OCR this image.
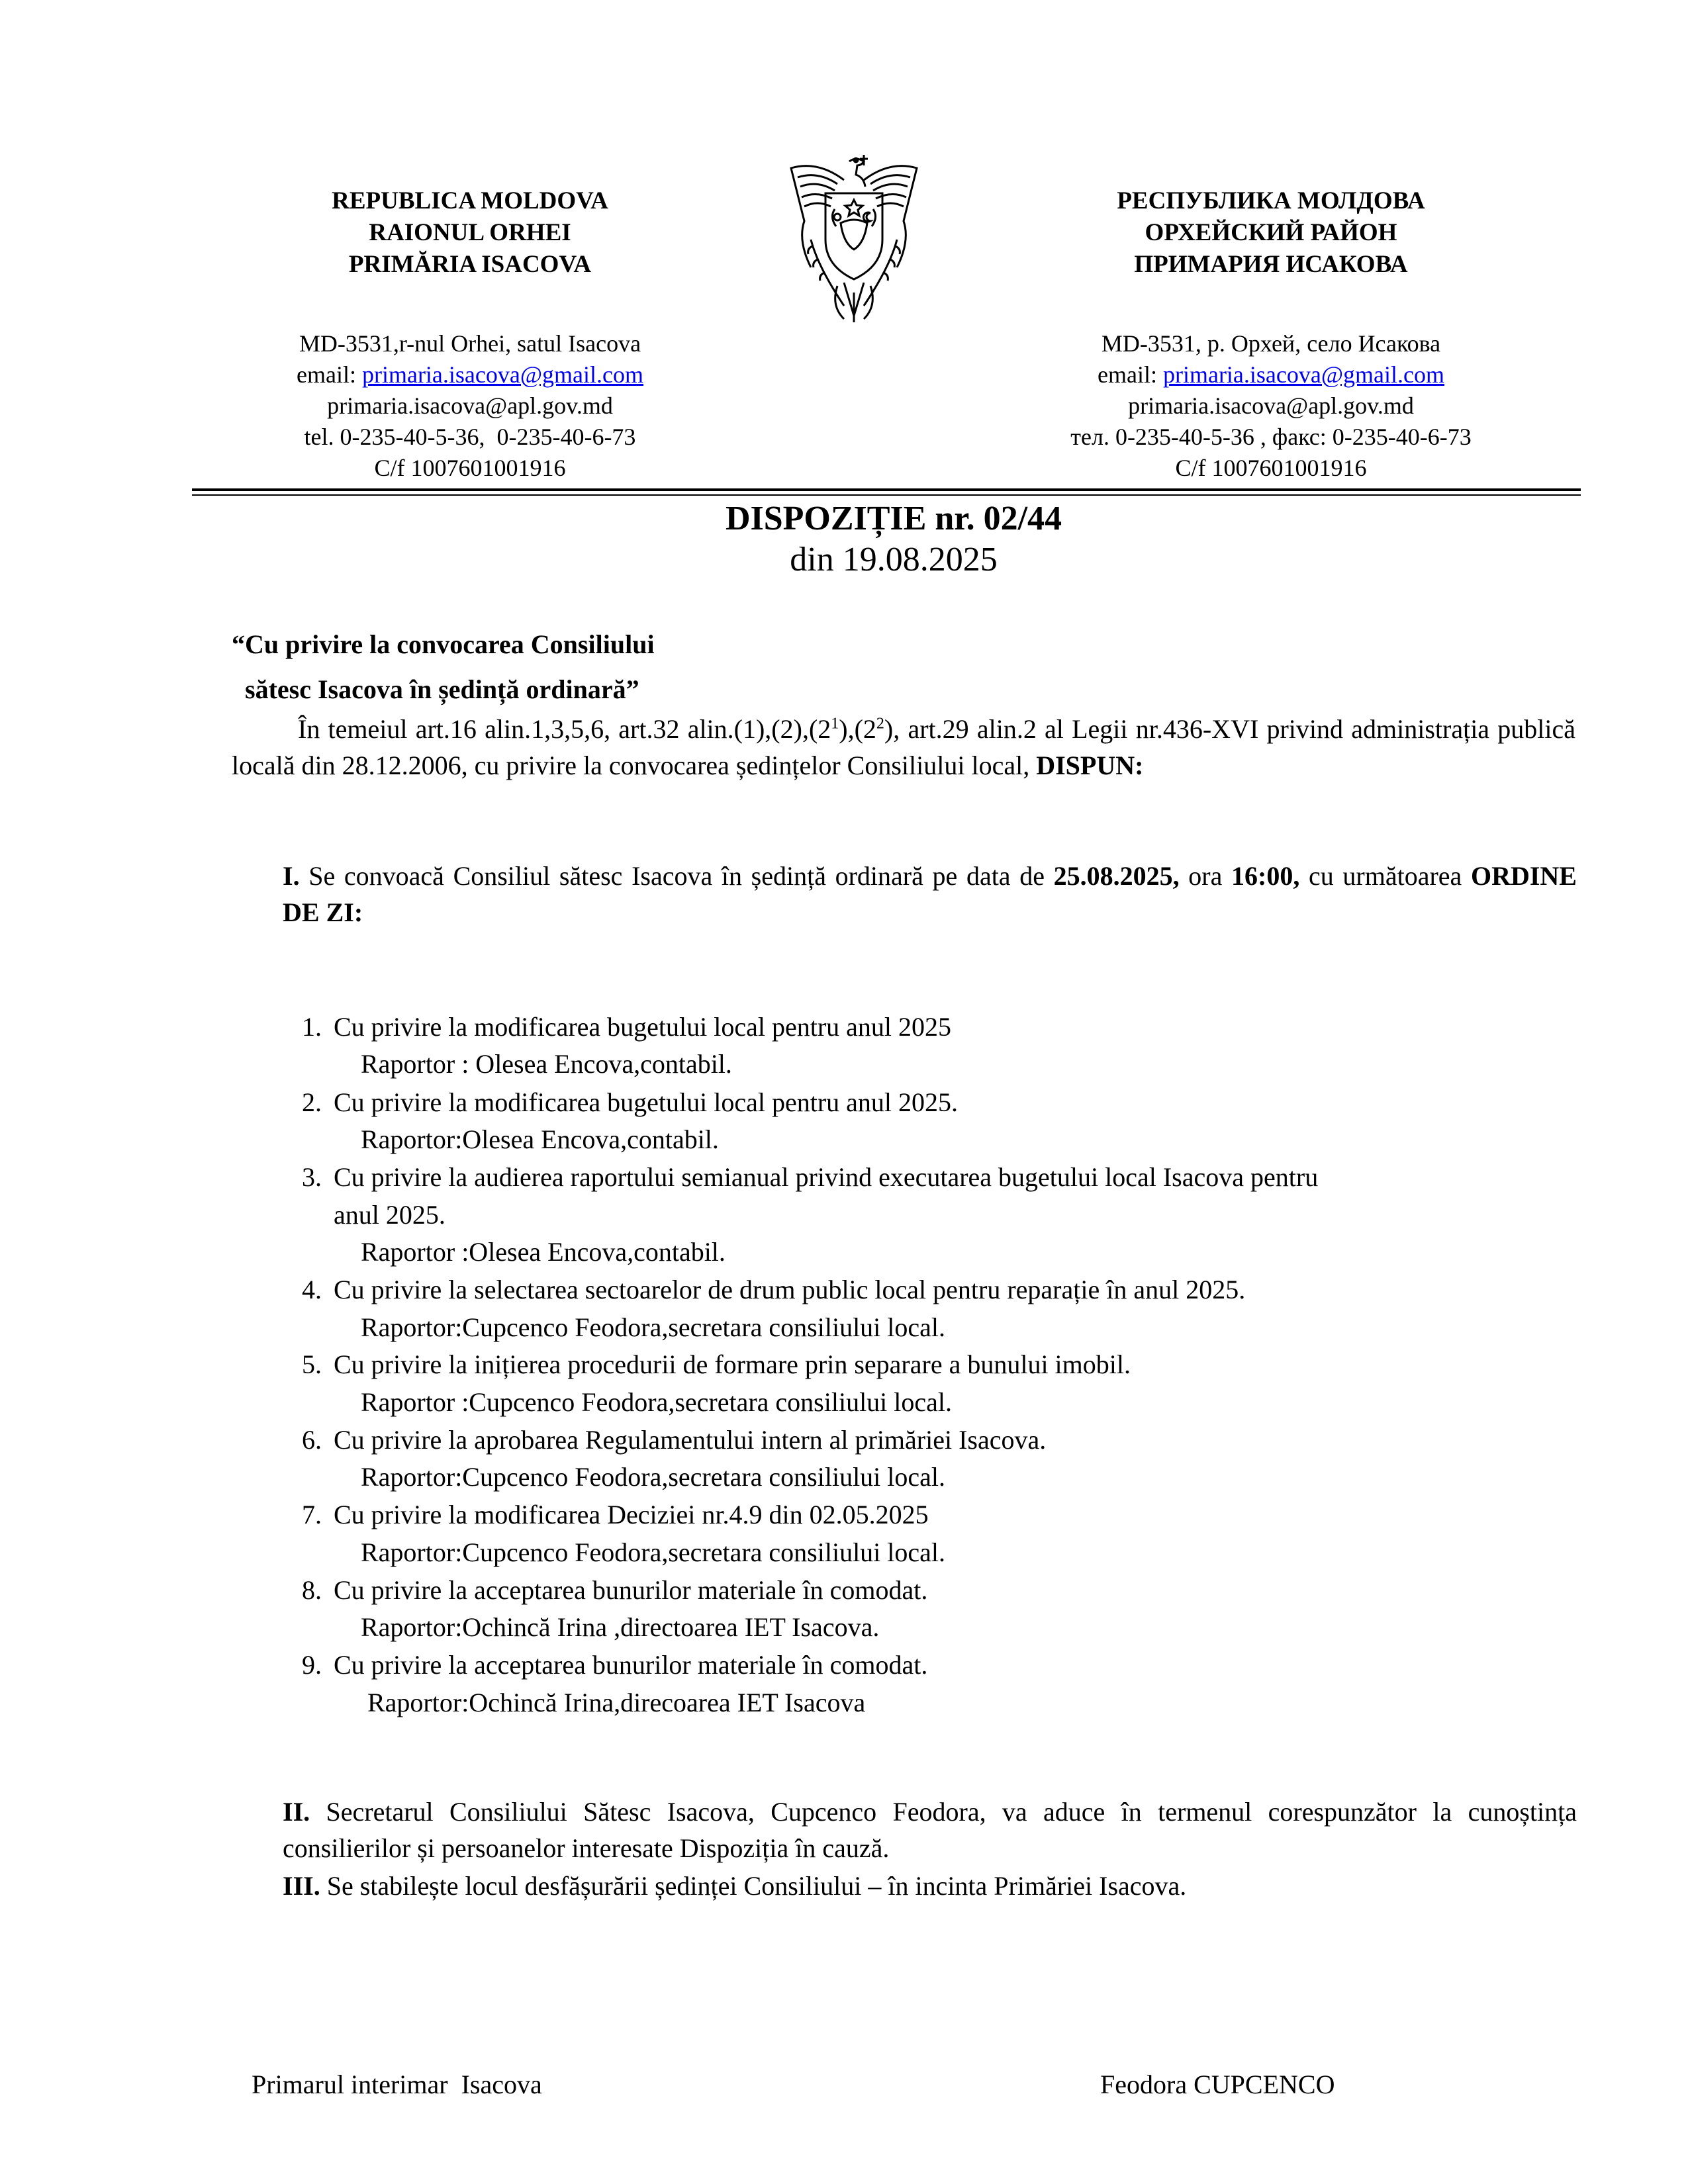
REPUBLICA MOLDOVA
RAIONUL ORHEI
PRIMĂRIA ISACOVA
MD-3531,r-nul Orhei, satul Isacova
email: primaria.isacova@gmail.com
primaria.isacova@apl.gov.md
tel. 0-235-40-5-36,  0-235-40-6-73
C/f 1007601001916
РЕСПУБЛИКА МОЛДОВА
ОРХЕЙСКИЙ РАЙОН
ПРИМАРИЯ ИСАКОВА
MD-3531, р. Орхей, село Исакова
email: primaria.isacova@gmail.com
primaria.isacova@apl.gov.md
тел. 0-235-40-5-36 , факс: 0-235-40-6-73
C/f 1007601001916
DISPOZIȚIE nr. 02/44
din 19.08.2025
“Cu privire la convocarea Consiliului
sătesc Isacova în ședință ordinară”
În temeiul art.16 alin.1,3,5,6, art.32 $alin.(1),(2),(2^1),(2^2)$, art.29 alin.2 al Legii nr.436-XVI privind administrația publică locală din 28.12.2006, cu privire la convocarea ședințelor Consiliului local, DISPUN:
I. Se convoacă Consiliul sătesc Isacova în ședință ordinară pe data de 25.08.2025, ora 16:00, cu următoarea ORDINE DE ZI:
1. Cu privire la modificarea bugetului local pentru anul 2025
Raportor : Olesea Encova,contabil.
2. Cu privire la modificarea bugetului local pentru anul 2025.
Raportor:Olesea Encova,contabil.
3. Cu privire la audierea raportului semianual privind executarea bugetului local Isacova pentru
anul 2025.
Raportor :Olesea Encova,contabil.
4. Cu privire la selectarea sectoarelor de drum public local pentru reparație în anul 2025.
Raportor:Cupcenco Feodora,secretara consiliului local.
5. Cu privire la inițierea procedurii de formare prin separare a bunului imobil.
Raportor :Cupcenco Feodora,secretara consiliului local.
6. Cu privire la aprobarea Regulamentului intern al primăriei Isacova.
Raportor:Cupcenco Feodora,secretara consiliului local.
7. Cu privire la modificarea Deciziei nr.4.9 din 02.05.2025
Raportor:Cupcenco Feodora,secretara consiliului local.
8. Cu privire la acceptarea bunurilor materiale în comodat.
Raportor:Ochincă Irina ,directoarea IET Isacova.
9. Cu privire la acceptarea bunurilor materiale în comodat.
Raportor:Ochincă Irina,direcoarea IET Isacova
II. Secretarul Consiliului Sătesc Isacova, Cupcenco Feodora, va aduce în termenul corespunzător la cunoștința consilierilor și persoanelor interesate Dispoziția în cauză.
III. Se stabilește locul desfășurării ședinței Consiliului – în incinta Primăriei Isacova.
Primarul interimar  Isacova	Feodora CUPCENCO
